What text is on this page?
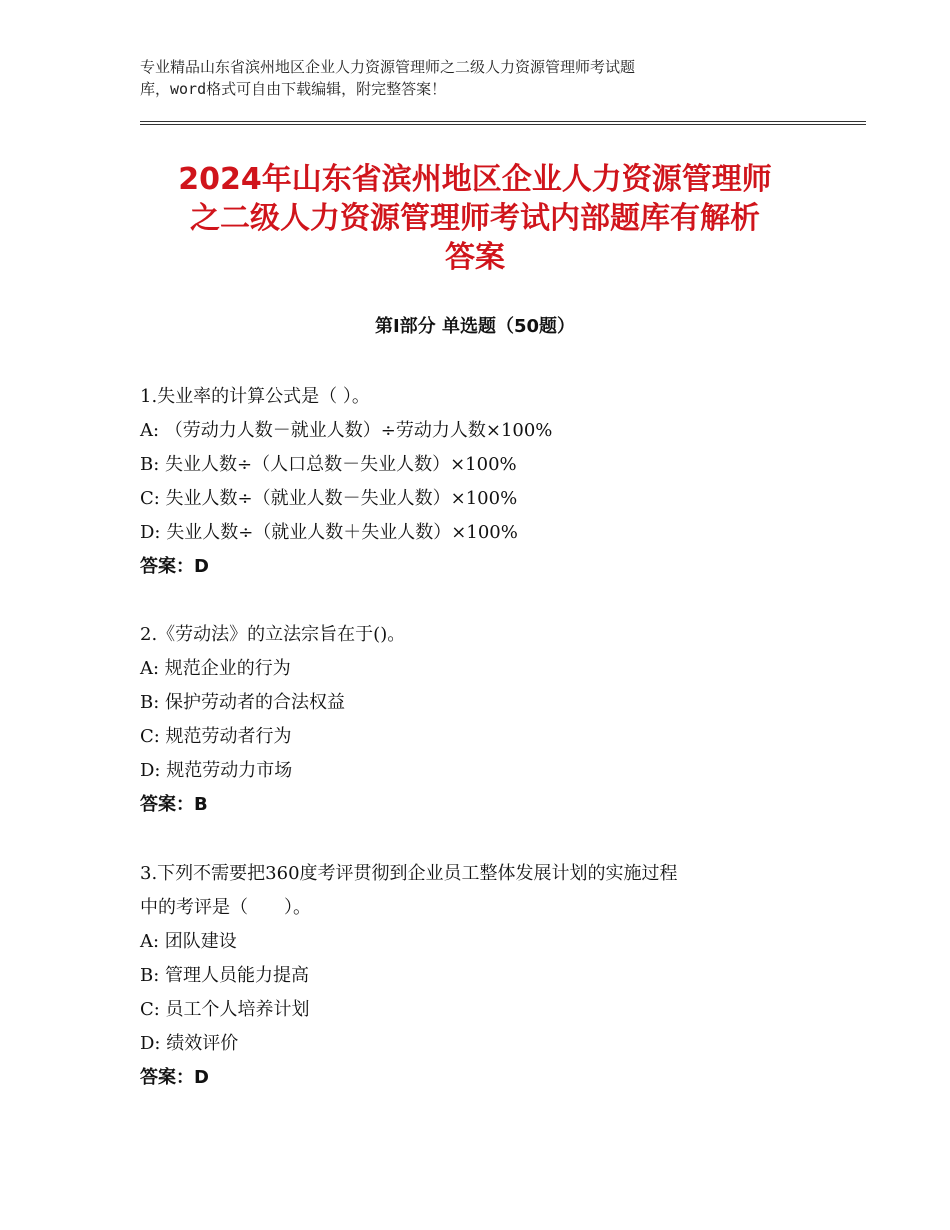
专业精品山东省滨州地区企业人力资源管理师之二级人力资源管理师考试题
库，word格式可自由下载编辑，附完整答案！
2024年山东省滨州地区企业人力资源管理师
之二级人力资源管理师考试内部题库有解析
答案
第Ⅰ部分 单选题（50题）
1.失业率的计算公式是（ ）。
A: （劳动力人数－就业人数）÷劳动力人数×100%
B: 失业人数÷（人口总数－失业人数）×100%
C: 失业人数÷（就业人数－失业人数）×100%
D: 失业人数÷（就业人数＋失业人数）×100%
答案：D
2.《劳动法》的立法宗旨在于()。
A: 规范企业的行为
B: 保护劳动者的合法权益
C: 规范劳动者行为
D: 规范劳动力市场
答案：B
3.下列不需要把360度考评贯彻到企业员工整体发展计划的实施过程
中的考评是（　　）。
A: 团队建设
B: 管理人员能力提高
C: 员工个人培养计划
D: 绩效评价
答案：D
